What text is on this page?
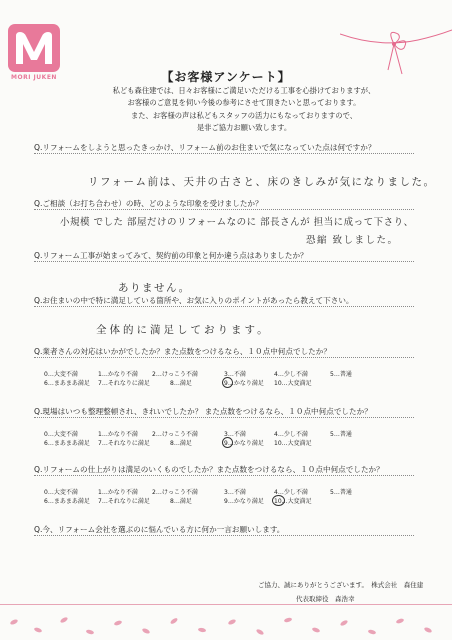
MORI JUKEN	【お客様アンケート】
私ども森住建では、日々お客様にご満足いただける工事を心掛けておりますが、
お客様のご意見を伺い今後の参考にさせて頂きたいと思っております。
また、お客様の声は私どもスタッフの活力にもなっておりますので、
是非ご協力お願い致します。
Q.リフォームをしようと思ったきっかけ、リフォーム前のお住まいで気になっていた点は何ですか？
リフォーム前は、天井の古さと、床のきしみが気になりました。
Q.ご相談（お打ち合わせ）の時、どのような印象を受けましたか？
小規模 でした 部屋だけのリフォームなのに 部長さんが 担当に成って下さり、
恐縮 致しました。
Q.リフォーム工事が始まってみて、契約前の印象と何か違う点はありましたか？
ありません。
Q.お住まいの中で特に満足している箇所や、お気に入りのポイントがあったら教えて下さい。
全体的に満足しております。
Q.業者さんの対応はいかがでしたか？また点数をつけるなら、１０点中何点でしたか？
0…大変不満	1…かなり不満 2…けっこう不満	3…不満	4…少し不満	5…普通
6…まあまあ満足 7…それなりに満足	8…満足	9…かなり満足 10…大変満足
Q.現場はいつも整理整頓され、きれいでしたか？ また点数をつけるなら、１０点中何点でしたか？
0…大変不満	1…かなり不満 2…けっこう不満	3…不満	4…少し不満	5…普通
6…まあまあ満足 7…それなりに満足	8…満足	9…かなり満足 10…大変満足
Q.リフォームの仕上がりは満足のいくものでしたか？また点数をつけるなら、１０点中何点でしたか？
0…大変不満	1…かなり不満 2…けっこう不満	3…不満	4…少し不満	5…普通
6…まあまあ満足 7…それなりに満足	8…満足	9…かなり満足 10…大変満足
Q.今、リフォーム会社を選ぶのに悩んでいる方に何か一言お願いします。
ご協力、誠にありがとうございます。　株式会社　森住建
代表取締役　森浩幸
